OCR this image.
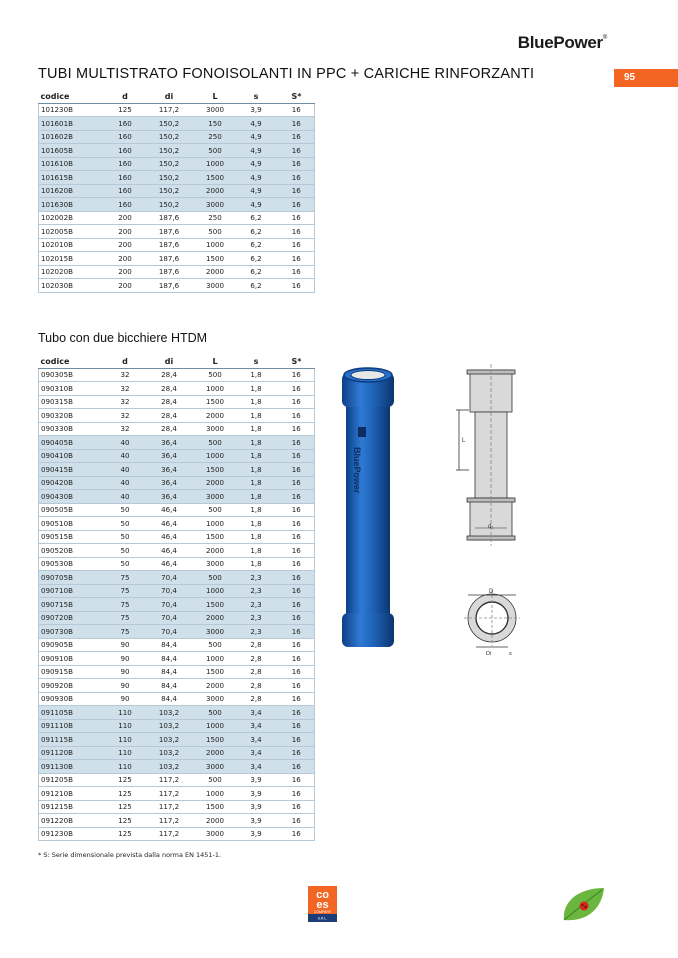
BluePower®
95
TUBI MULTISTRATO FONOISOLANTI IN PPC + CARICHE RINFORZANTI
codice	d	di	L	s	S*
101230B	125	117,2	3000	3,9	16
101601B	160	150,2	150	4,9	16
101602B	160	150,2	250	4,9	16
101605B	160	150,2	500	4,9	16
101610B	160	150,2	1000	4,9	16
101615B	160	150,2	1500	4,9	16
101620B	160	150,2	2000	4,9	16
101630B	160	150,2	3000	4,9	16
102002B	200	187,6	250	6,2	16
102005B	200	187,6	500	6,2	16
102010B	200	187,6	1000	6,2	16
102015B	200	187,6	1500	6,2	16
102020B	200	187,6	2000	6,2	16
102030B	200	187,6	3000	6,2	16
Tubo con due bicchiere HTDM
codice	d	di	L	s	S*
090305B	32	28,4	500	1,8	16
090310B	32	28,4	1000	1,8	16
090315B	32	28,4	1500	1,8	16
090320B	32	28,4	2000	1,8	16
090330B	32	28,4	3000	1,8	16
090405B	40	36,4	500	1,8	16
090410B	40	36,4	1000	1,8	16
090415B	40	36,4	1500	1,8	16
090420B	40	36,4	2000	1,8	16
090430B	40	36,4	3000	1,8	16
090505B	50	46,4	500	1,8	16
090510B	50	46,4	1000	1,8	16
090515B	50	46,4	1500	1,8	16
090520B	50	46,4	2000	1,8	16
090530B	50	46,4	3000	1,8	16
090705B	75	70,4	500	2,3	16
090710B	75	70,4	1000	2,3	16
090715B	75	70,4	1500	2,3	16
090720B	75	70,4	2000	2,3	16
090730B	75	70,4	3000	2,3	16
090905B	90	84,4	500	2,8	16
090910B	90	84,4	1000	2,8	16
090915B	90	84,4	1500	2,8	16
090920B	90	84,4	2000	2,8	16
090930B	90	84,4	3000	2,8	16
091105B	110	103,2	500	3,4	16
091110B	110	103,2	1000	3,4	16
091115B	110	103,2	1500	3,4	16
091120B	110	103,2	2000	3,4	16
091130B	110	103,2	3000	3,4	16
091205B	125	117,2	500	3,9	16
091210B	125	117,2	1000	3,9	16
091215B	125	117,2	1500	3,9	16
091220B	125	117,2	2000	3,9	16
091230B	125	117,2	3000	3,9	16
BluePower
L
d₁
D
Di	s
* S: Serie dimensionale prevista dalla norma EN 1451-1.
co
es
COMPANY
S.R.L.
